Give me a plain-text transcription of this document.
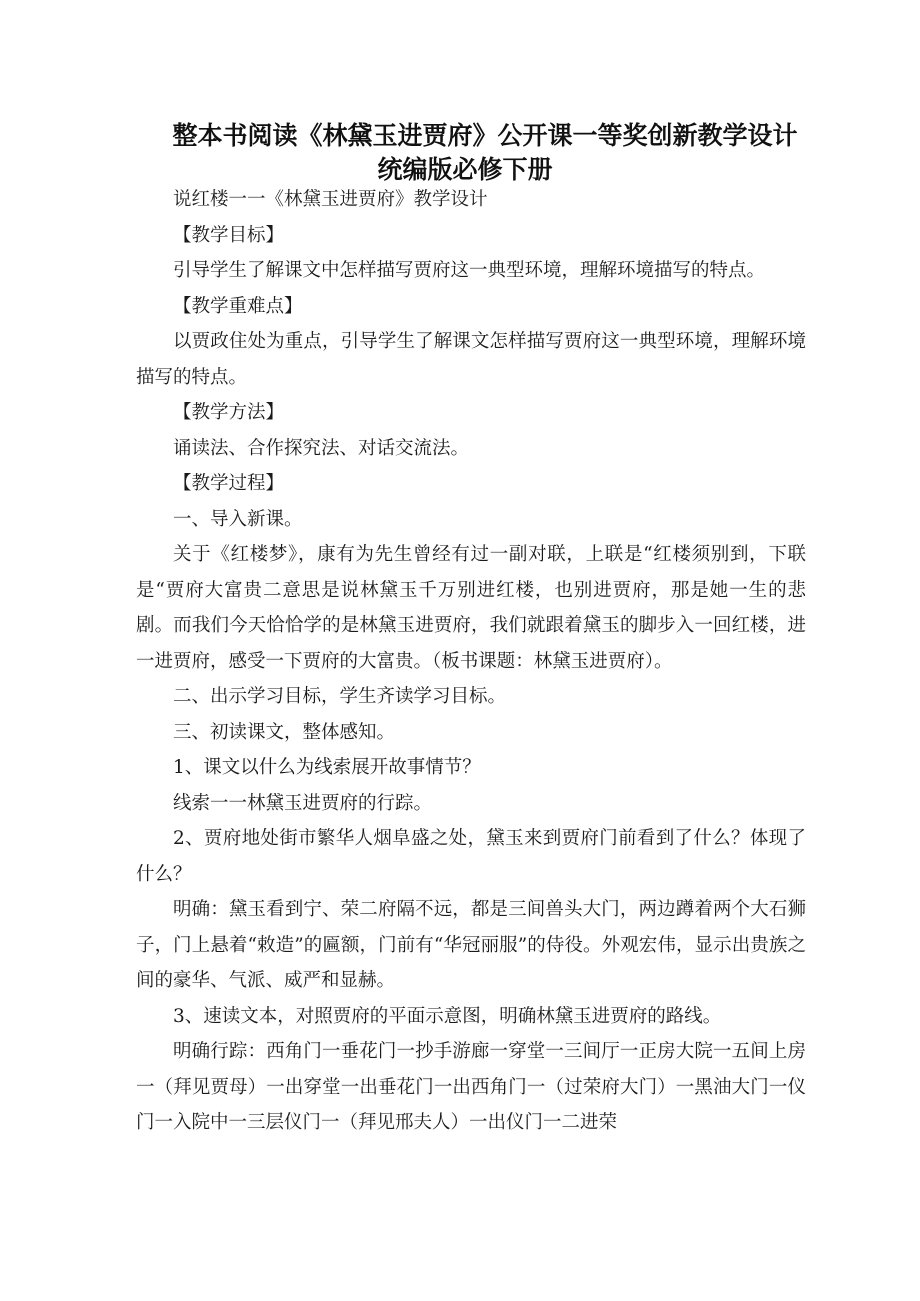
整本书阅读《林黛玉进贾府》公开课一等奖创新教学设计
统编版必修下册

说红楼一一《林黛玉进贾府》教学设计

【教学目标】

引导学生了解课文中怎样描写贾府这一典型环境，理解环境描写的特点。

【教学重难点】

以贾政住处为重点，引导学生了解课文怎样描写贾府这一典型环境，理解环境描写的特点。

【教学方法】

诵读法、合作探究法、对话交流法。

【教学过程】

一、导入新课。

关于《红楼梦》，康有为先生曾经有过一副对联，上联是“红楼须别到，下联是“贾府大富贵二意思是说林黛玉千万别进红楼，也别进贾府，那是她一生的悲剧。而我们今天恰恰学的是林黛玉进贾府，我们就跟着黛玉的脚步入一回红楼，进一进贾府，感受一下贾府的大富贵。（板书课题：林黛玉进贾府）。

二、出示学习目标，学生齐读学习目标。

三、初读课文，整体感知。

1、课文以什么为线索展开故事情节？

线索一一林黛玉进贾府的行踪。

2、贾府地处街市繁华人烟阜盛之处，黛玉来到贾府门前看到了什么？体现了什么？

明确：黛玉看到宁、荣二府隔不远，都是三间兽头大门，两边蹲着两个大石狮子，门上悬着“敕造”的匾额，门前有“华冠丽服”的侍役。外观宏伟，显示出贵族之间的豪华、气派、威严和显赫。

3、速读文本，对照贾府的平面示意图，明确林黛玉进贾府的路线。

明确行踪：西角门一垂花门一抄手游廊一穿堂一三间厅一正房大院一五间上房一（拜见贾母）一出穿堂一出垂花门一出西角门一（过荣府大门）一黑油大门一仪门一入院中一三层仪门一（拜见邢夫人）一出仪门一二进荣
